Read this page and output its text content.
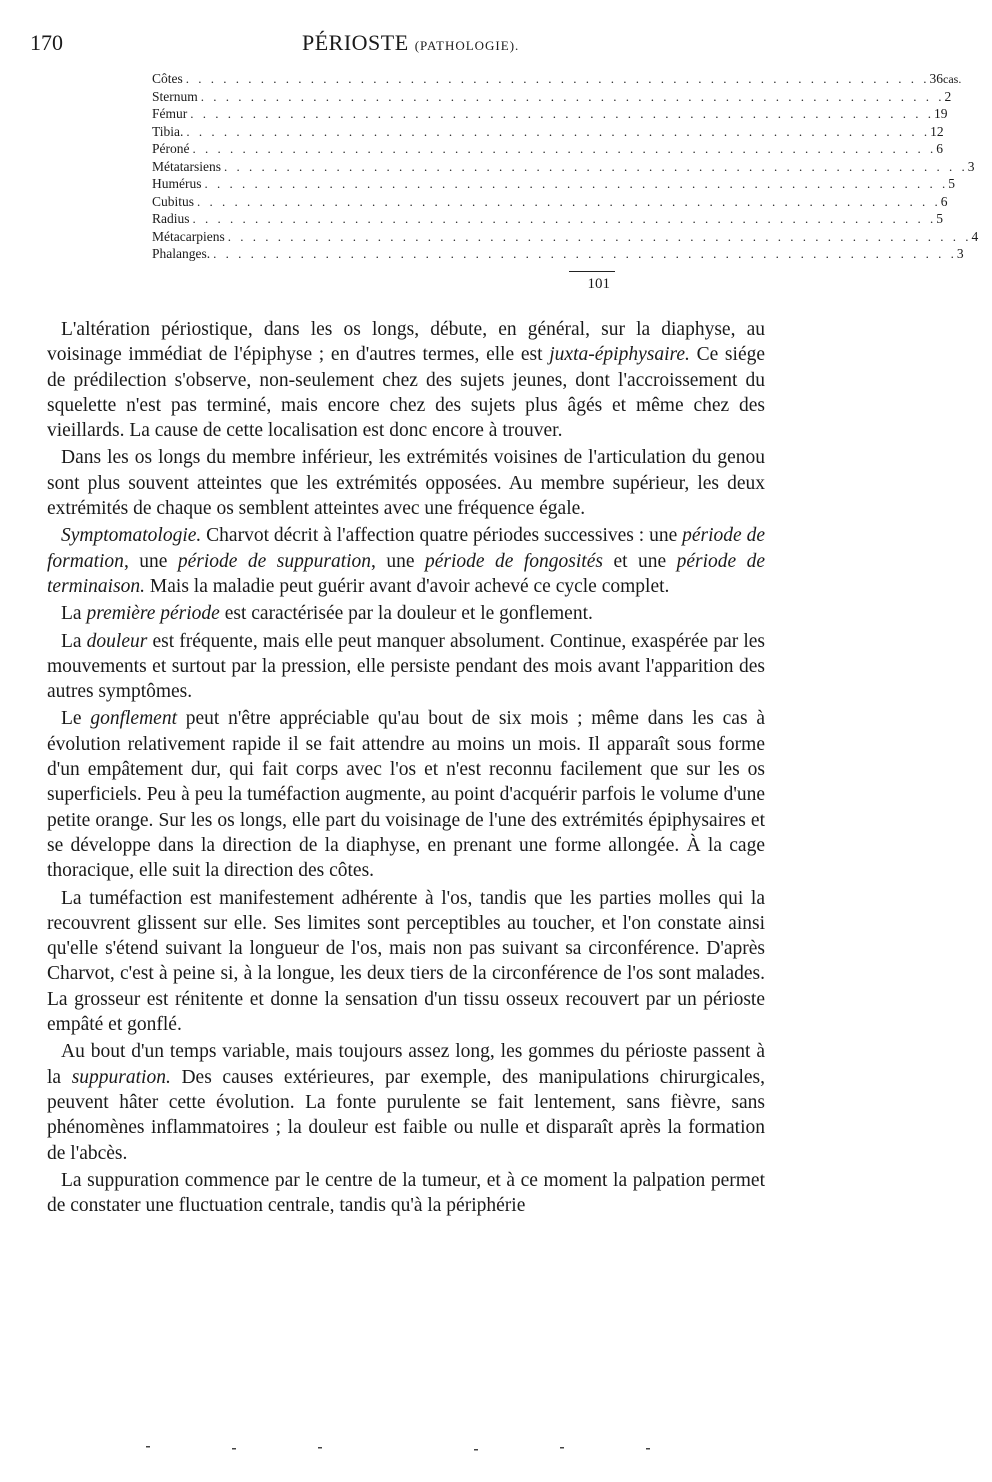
170	PÉRIOSTE (PATHOLOGIE).
Côtes . . . . . . . . . . . . . . . . . . . . . . . . . . . . . . . . . . . . . . . . . . . . . . . . . . . . . . . . . . . . 36cas.
Sternum . . . . . . . . . . . . . . . . . . . . . . . . . . . . . . . . . . . . . . . . . . . . . . . . . . . . . . . . . . . . 2
Fémur . . . . . . . . . . . . . . . . . . . . . . . . . . . . . . . . . . . . . . . . . . . . . . . . . . . . . . . . . . . . 19
Tibia. . . . . . . . . . . . . . . . . . . . . . . . . . . . . . . . . . . . . . . . . . . . . . . . . . . . . . . . . . . . . 12
Péroné . . . . . . . . . . . . . . . . . . . . . . . . . . . . . . . . . . . . . . . . . . . . . . . . . . . . . . . . . . . . 6
Métatarsiens . . . . . . . . . . . . . . . . . . . . . . . . . . . . . . . . . . . . . . . . . . . . . . . . . . . . . . . . . . . . 3
Humérus . . . . . . . . . . . . . . . . . . . . . . . . . . . . . . . . . . . . . . . . . . . . . . . . . . . . . . . . . . . . 5
Cubitus . . . . . . . . . . . . . . . . . . . . . . . . . . . . . . . . . . . . . . . . . . . . . . . . . . . . . . . . . . . . 6
Radius . . . . . . . . . . . . . . . . . . . . . . . . . . . . . . . . . . . . . . . . . . . . . . . . . . . . . . . . . . . . 5
Métacarpiens . . . . . . . . . . . . . . . . . . . . . . . . . . . . . . . . . . . . . . . . . . . . . . . . . . . . . . . . . . . . 4
Phalanges. . . . . . . . . . . . . . . . . . . . . . . . . . . . . . . . . . . . . . . . . . . . . . . . . . . . . . . . . . . . . 3
101

L'altération périostique, dans les os longs, débute, en général, sur la diaphyse, au voisinage immédiat de l'épiphyse ; en d'autres termes, elle est juxta-épiphysaire. Ce siége de prédilection s'observe, non-seulement chez des sujets jeunes, dont l'accroissement du squelette n'est pas terminé, mais encore chez des sujets plus âgés et même chez des vieillards. La cause de cette localisation est donc encore à trouver.

Dans les os longs du membre inférieur, les extrémités voisines de l'articulation du genou sont plus souvent atteintes que les extrémités opposées. Au membre supérieur, les deux extrémités de chaque os semblent atteintes avec une fréquence égale.

Symptomatologie. Charvot décrit à l'affection quatre périodes successives : une période de formation, une période de suppuration, une période de fongosités et une période de terminaison. Mais la maladie peut guérir avant d'avoir achevé ce cycle complet.

La première période est caractérisée par la douleur et le gonflement.

La douleur est fréquente, mais elle peut manquer absolument. Continue, exaspérée par les mouvements et surtout par la pression, elle persiste pendant des mois avant l'apparition des autres symptômes.

Le gonflement peut n'être appréciable qu'au bout de six mois ; même dans les cas à évolution relativement rapide il se fait attendre au moins un mois. Il apparaît sous forme d'un empâtement dur, qui fait corps avec l'os et n'est reconnu facilement que sur les os superficiels. Peu à peu la tuméfaction augmente, au point d'acquérir parfois le volume d'une petite orange. Sur les os longs, elle part du voisinage de l'une des extrémités épiphysaires et se développe dans la direction de la diaphyse, en prenant une forme allongée. À la cage thoracique, elle suit la direction des côtes.

La tuméfaction est manifestement adhérente à l'os, tandis que les parties molles qui la recouvrent glissent sur elle. Ses limites sont perceptibles au toucher, et l'on constate ainsi qu'elle s'étend suivant la longueur de l'os, mais non pas suivant sa circonférence. D'après Charvot, c'est à peine si, à la longue, les deux tiers de la circonférence de l'os sont malades. La grosseur est rénitente et donne la sensation d'un tissu osseux recouvert par un périoste empâté et gonflé.

Au bout d'un temps variable, mais toujours assez long, les gommes du périoste passent à la suppuration. Des causes extérieures, par exemple, des manipulations chirurgicales, peuvent hâter cette évolution. La fonte purulente se fait lentement, sans fièvre, sans phénomènes inflammatoires ; la douleur est faible ou nulle et disparaît après la formation de l'abcès.

La suppuration commence par le centre de la tumeur, et à ce moment la palpation permet de constater une fluctuation centrale, tandis qu'à la périphérie
